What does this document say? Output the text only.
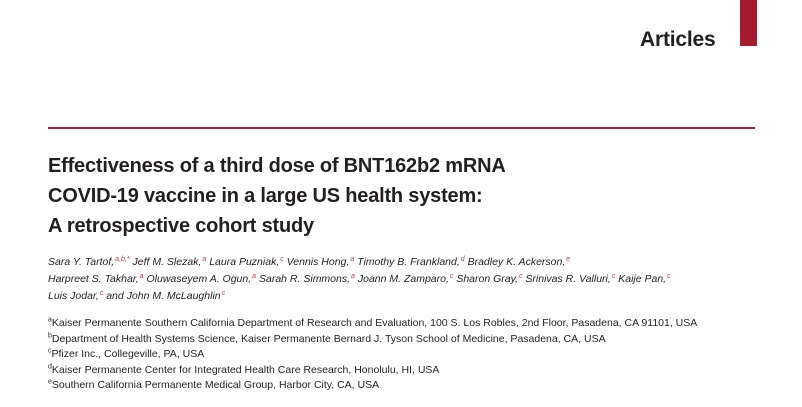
Articles
Effectiveness of a third dose of BNT162b2 mRNA
COVID-19 vaccine in a large US health system:
A retrospective cohort study
Sara Y. Tartof,$^{a,b,*}$ Jeff M. Slezak,$^a$ Laura Puzniak,$^c$ Vennis Hong,$^a$ Timothy B. Frankland,$^d$ Bradley K. Ackerson,$^e$
Harpreet S. Takhar,$^a$ Oluwaseyem A. Ogun,$^a$ Sarah R. Simmons,$^a$ Joann M. Zamparo,$^c$ Sharon Gray,$^c$ Srinivas R. Valluri,$^c$ Kaije Pan,$^c$
Luis Jodar,$^c$ and John M. McLaughlin$^c$
$^a$Kaiser Permanente Southern California Department of Research and Evaluation, 100 S. Los Robles, 2nd Floor, Pasadena, CA 91101, USA
$^b$Department of Health Systems Science, Kaiser Permanente Bernard J. Tyson School of Medicine, Pasadena, CA, USA
$^c$Pfizer Inc., Collegeville, PA, USA
$^d$Kaiser Permanente Center for Integrated Health Care Research, Honolulu, HI, USA
$^e$Southern California Permanente Medical Group, Harbor City, CA, USA
